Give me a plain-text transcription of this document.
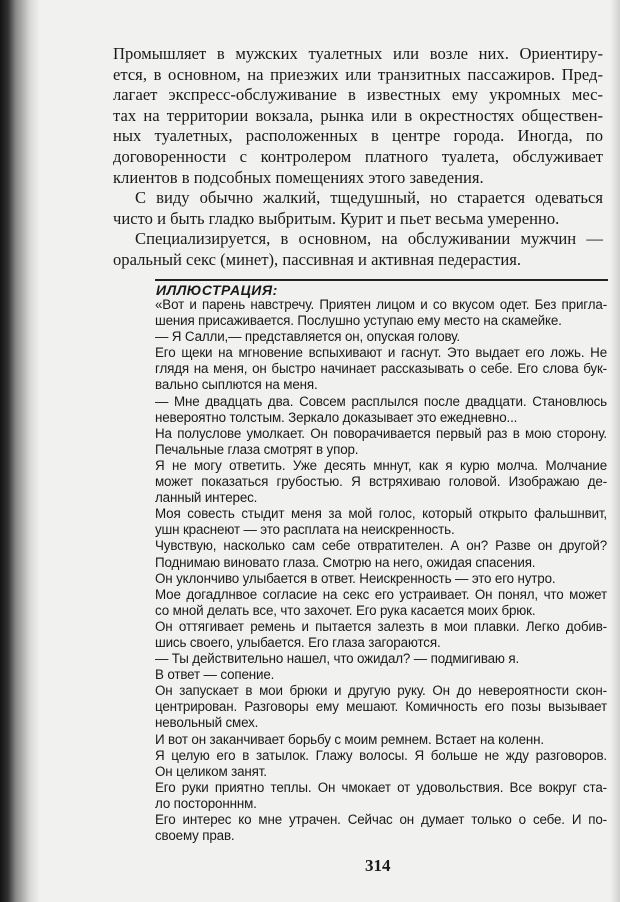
Промышляет в мужских туалетных или возле них. Ориентиру-
ется, в основном, на приезжих или транзитных пассажиров. Пред-
лагает экспресс-обслуживание в известных ему укромных мес-
тах на территории вокзала, рынка или в окрестностях обществен-
ных туалетных, расположенных в центре города. Иногда, по
договоренности с контролером платного туалета, обслуживает
клиентов в подсобных помещениях этого заведения.
С виду обычно жалкий, тщедушный, но старается одеваться
чисто и быть гладко выбритым. Курит и пьет весьма умеренно.
Специализируется, в основном, на обслуживании мужчин —
оральный секс (минет), пассивная и активная педерастия.
ИЛЛЮСТРАЦИЯ:
«Вот и парень навстречу. Приятен лицом и со вкусом одет. Без пригла-
шения присаживается. Послушно уступаю ему место на скамейке.
— Я Салли,— представляется он, опуская голову.
Его щеки на мгновение вспыхивают и гаснут. Это выдает его ложь. Не
глядя на меня, он быстро начинает рассказывать о себе. Его слова бук-
вально сыплются на меня.
— Мне двадцать два. Совсем расплылся после двадцати. Становлюсь
невероятно толстым. Зеркало доказывает это ежедневно...
На полуслове умолкает. Он поворачивается первый раз в мою сторону.
Печальные глаза смотрят в упор.
Я не могу ответить. Уже десять мннут, как я курю молча. Молчание
может показаться грубостью. Я встряхиваю головой. Изображаю де-
ланный интерес.
Моя совесть стыдит меня за мой голос, который открыто фальшнвит,
ушн краснеют — это расплата на неискренность.
Чувствую, насколько сам себе отвратителен. А он? Разве он другой?
Поднимаю виновато глаза. Смотрю на него, ожидая спасения.
Он уклончиво улыбается в ответ. Неискренность — это его нутро.
Мое догадлнвое согласие на секс его устраивает. Он понял, что может
со мной делать все, что захочет. Его рука касается моих брюк.
Он оттягивает ремень и пытается залезть в мои плавки. Легко добив-
шись своего, улыбается. Его глаза загораются.
— Ты действительно нашел, что ожидал? — подмигиваю я.
В ответ — сопение.
Он запускает в мои брюки и другую руку. Он до невероятности скон-
центрирован. Разговоры ему мешают. Комичность его позы вызывает
невольный смех.
И вот он заканчивает борьбу с моим ремнем. Встает на коленн.
Я целую его в затылок. Глажу волосы. Я больше не жду разговоров.
Он целиком занят.
Его руки приятно теплы. Он чмокает от удовольствия. Все вокруг ста-
ло посторонннм.
Его интерес ко мне утрачен. Сейчас он думает только о себе. И по-
своему прав.
314
